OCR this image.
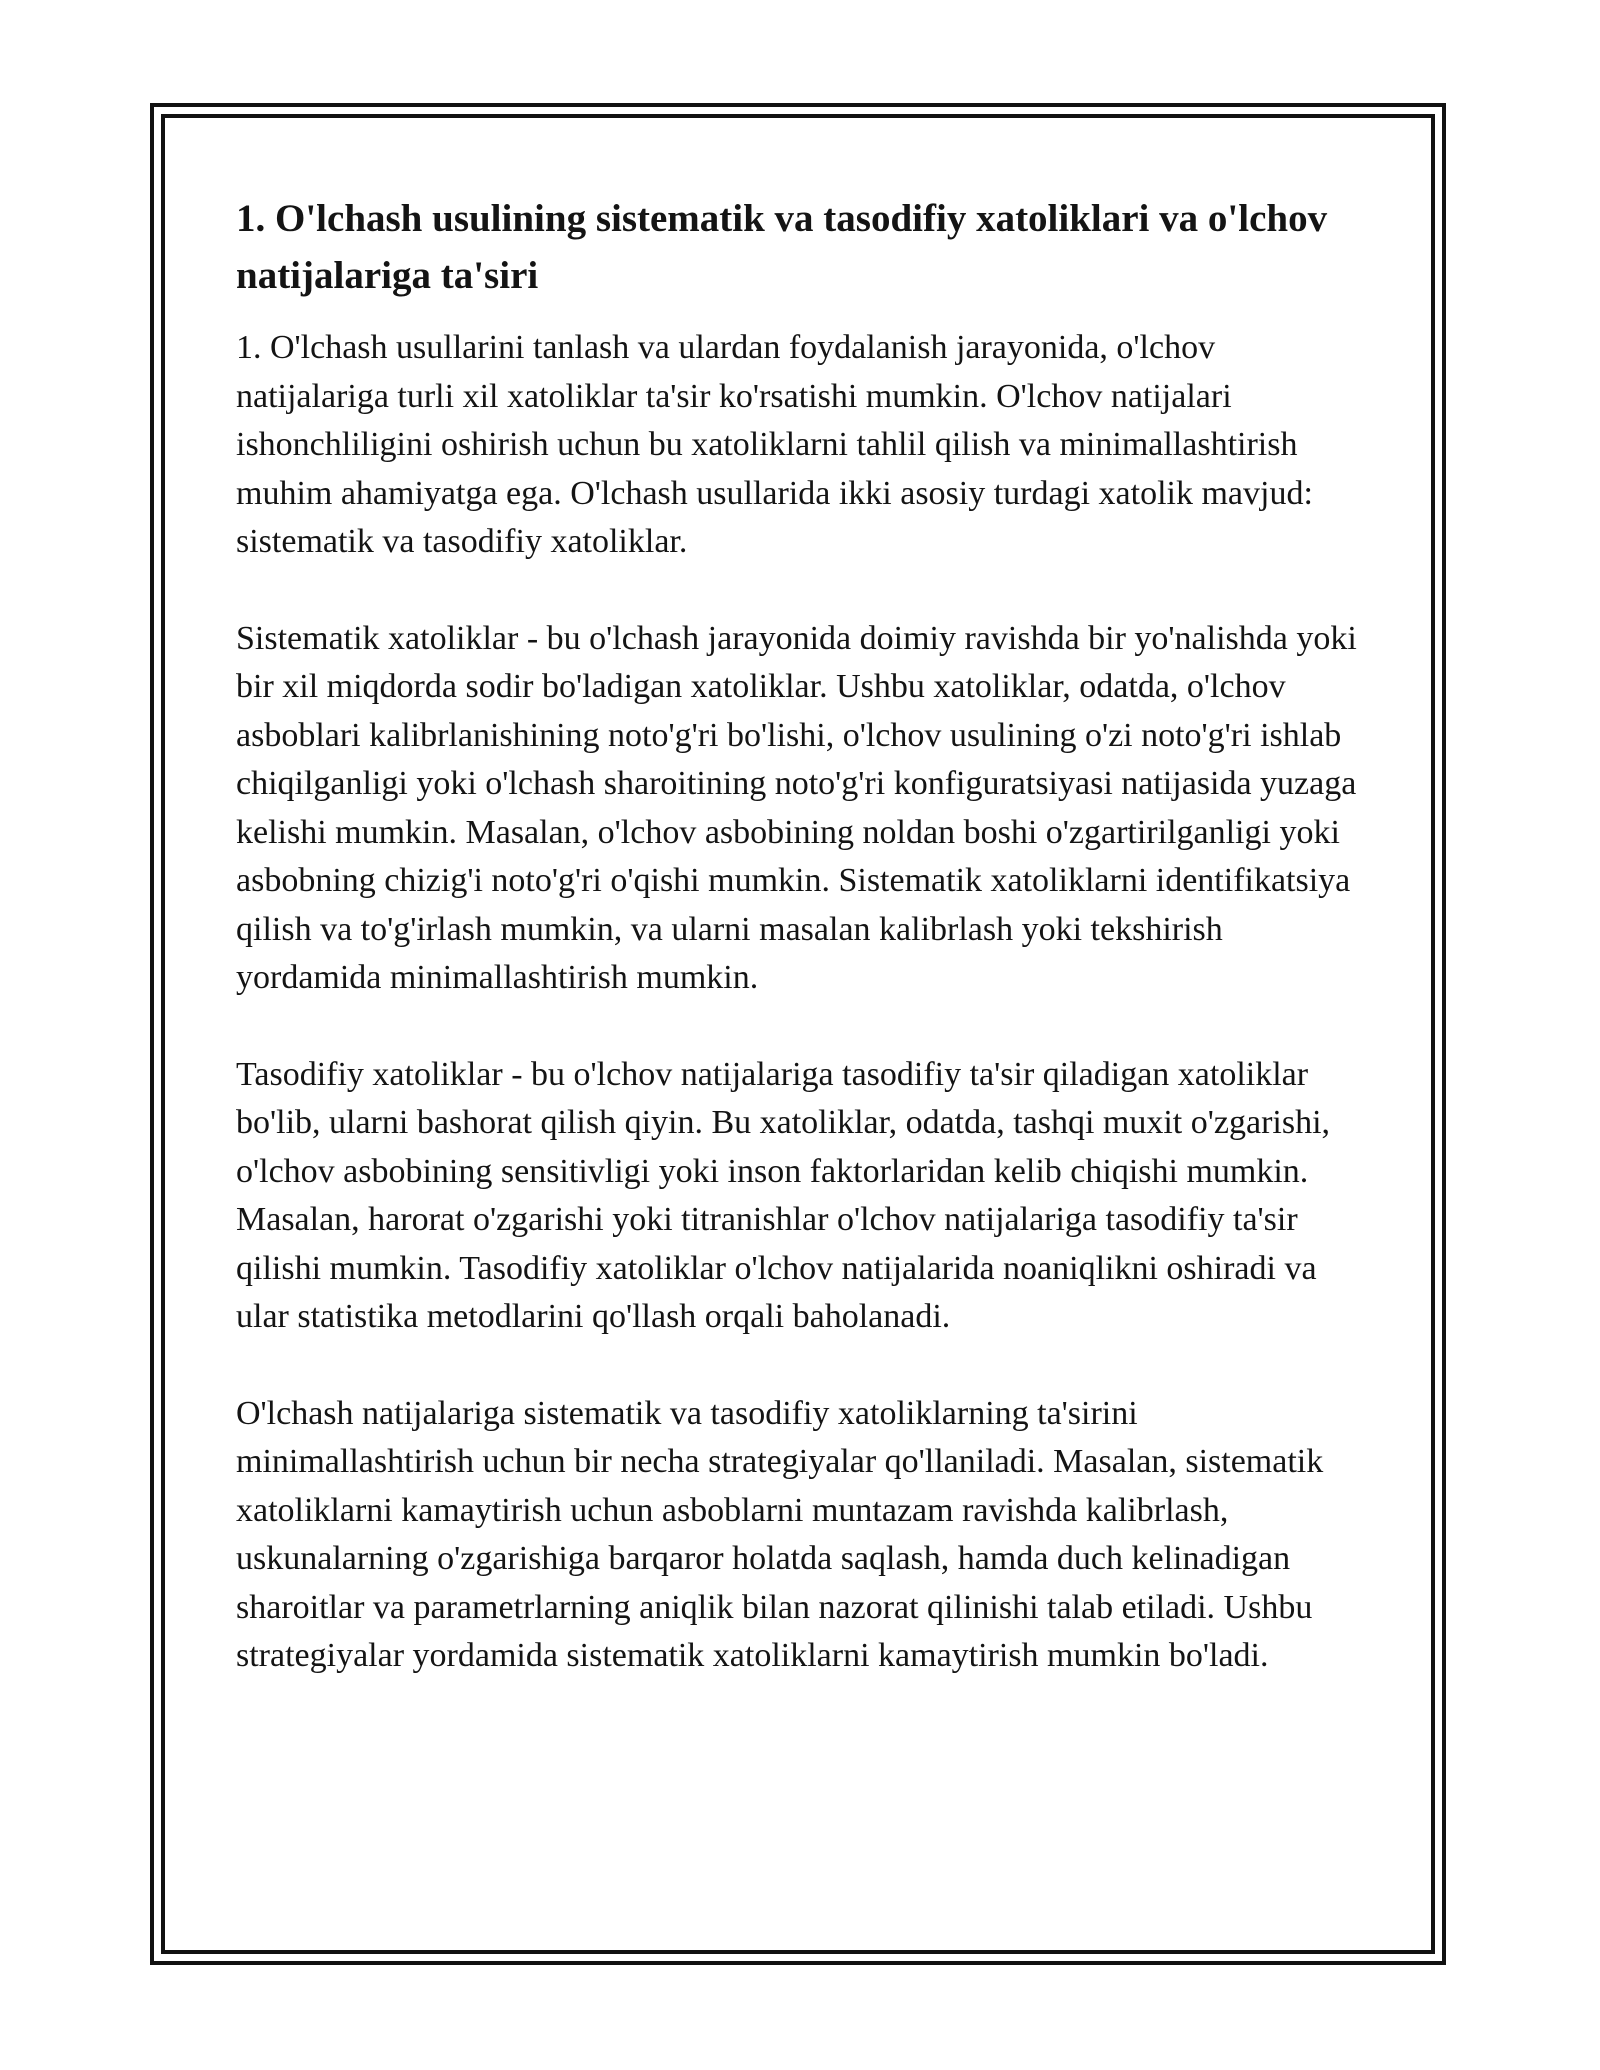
1. O'lchash usulining sistematik va tasodifiy xatoliklari va o'lchov natijalariga ta'siri

1. O'lchash usullarini tanlash va ulardan foydalanish jarayonida, o'lchov natijalariga turli xil xatoliklar ta'sir ko'rsatishi mumkin. O'lchov natijalari ishonchliligini oshirish uchun bu xatoliklarni tahlil qilish va minimallashtirish muhim ahamiyatga ega. O'lchash usullarida ikki asosiy turdagi xatolik mavjud: sistematik va tasodifiy xatoliklar.

Sistematik xatoliklar - bu o'lchash jarayonida doimiy ravishda bir yo'nalishda yoki bir xil miqdorda sodir bo'ladigan xatoliklar. Ushbu xatoliklar, odatda, o'lchov asboblari kalibrlanishining noto'g'ri bo'lishi, o'lchov usulining o'zi noto'g'ri ishlab chiqilganligi yoki o'lchash sharoitining noto'g'ri konfiguratsiyasi natijasida yuzaga kelishi mumkin. Masalan, o'lchov asbobining noldan boshi o'zgartirilganligi yoki asbobning chizig'i noto'g'ri o'qishi mumkin. Sistematik xatoliklarni identifikatsiya qilish va to'g'irlash mumkin, va ularni masalan kalibrlash yoki tekshirish yordamida minimallashtirish mumkin.

Tasodifiy xatoliklar - bu o'lchov natijalariga tasodifiy ta'sir qiladigan xatoliklar bo'lib, ularni bashorat qilish qiyin. Bu xatoliklar, odatda, tashqi muxit o'zgarishi, o'lchov asbobining sensitivligi yoki inson faktorlaridan kelib chiqishi mumkin. Masalan, harorat o'zgarishi yoki titranishlar o'lchov natijalariga tasodifiy ta'sir qilishi mumkin. Tasodifiy xatoliklar o'lchov natijalarida noaniqlikni oshiradi va ular statistika metodlarini qo'llash orqali baholanadi.

O'lchash natijalariga sistematik va tasodifiy xatoliklarning ta'sirini minimallashtirish uchun bir necha strategiyalar qo'llaniladi. Masalan, sistematik xatoliklarni kamaytirish uchun asboblarni muntazam ravishda kalibrlash, uskunalarning o'zgarishiga barqaror holatda saqlash, hamda duch kelinadigan sharoitlar va parametrlarning aniqlik bilan nazorat qilinishi talab etiladi. Ushbu strategiyalar yordamida sistematik xatoliklarni kamaytirish mumkin bo'ladi.
